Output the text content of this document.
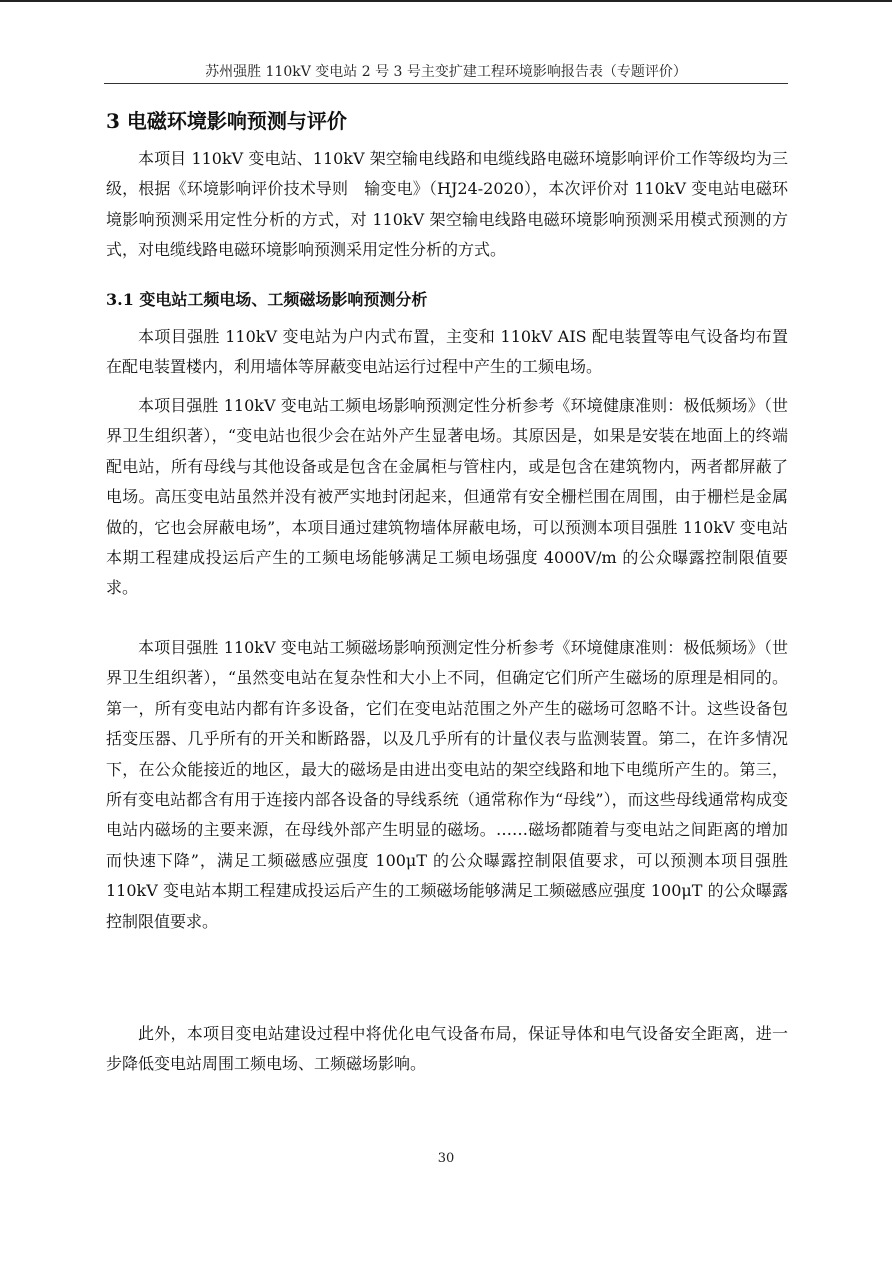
苏州强胜 110kV 变电站 2 号 3 号主变扩建工程环境影响报告表（专题评价）
3 电磁环境影响预测与评价

本项目 110kV 变电站、110kV 架空输电线路和电缆线路电磁环境影响评价工作等级均为三级，根据《环境影响评价技术导则　输变电》（HJ24-2020），本次评价对 110kV 变电站电磁环境影响预测采用定性分析的方式，对 110kV 架空输电线路电磁环境影响预测采用模式预测的方式，对电缆线路电磁环境影响预测采用定性分析的方式。

3.1 变电站工频电场、工频磁场影响预测分析

本项目强胜 110kV 变电站为户内式布置，主变和 110kV AIS 配电装置等电气设备均布置在配电装置楼内，利用墙体等屏蔽变电站运行过程中产生的工频电场。

本项目强胜 110kV 变电站工频电场影响预测定性分析参考《环境健康准则：极低频场》（世界卫生组织著），“变电站也很少会在站外产生显著电场。其原因是，如果是安装在地面上的终端配电站，所有母线与其他设备或是包含在金属柜与管柱内，或是包含在建筑物内，两者都屏蔽了电场。高压变电站虽然并没有被严实地封闭起来，但通常有安全栅栏围在周围，由于栅栏是金属做的，它也会屏蔽电场”，本项目通过建筑物墙体屏蔽电场，可以预测本项目强胜 110kV 变电站本期工程建成投运后产生的工频电场能够满足工频电场强度 4000V/m 的公众曝露控制限值要求。

本项目强胜 110kV 变电站工频磁场影响预测定性分析参考《环境健康准则：极低频场》（世界卫生组织著），“虽然变电站在复杂性和大小上不同，但确定它们所产生磁场的原理是相同的。第一，所有变电站内都有许多设备，它们在变电站范围之外产生的磁场可忽略不计。这些设备包括变压器、几乎所有的开关和断路器，以及几乎所有的计量仪表与监测装置。第二，在许多情况下，在公众能接近的地区，最大的磁场是由进出变电站的架空线路和地下电缆所产生的。第三，所有变电站都含有用于连接内部各设备的导线系统（通常称作为“母线”），而这些母线通常构成变电站内磁场的主要来源，在母线外部产生明显的磁场。……磁场都随着与变电站之间距离的增加而快速下降”，满足工频磁感应强度 100μT 的公众曝露控制限值要求，可以预测本项目强胜 110kV 变电站本期工程建成投运后产生的工频磁场能够满足工频磁感应强度 100μT 的公众曝露控制限值要求。

此外，本项目变电站建设过程中将优化电气设备布局，保证导体和电气设备安全距离，进一步降低变电站周围工频电场、工频磁场影响。

30
